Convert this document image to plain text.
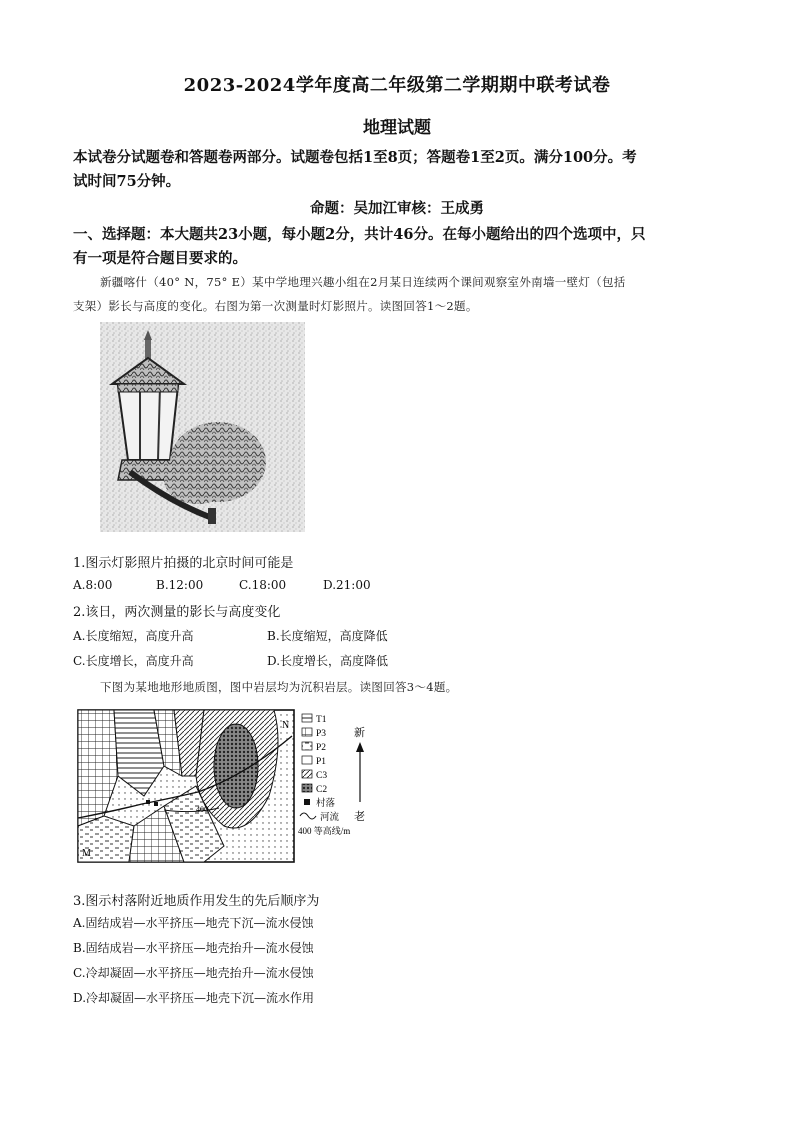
2023-2024学年度高二年级第二学期期中联考试卷
地理试题
本试卷分试题卷和答题卷两部分。试题卷包括1至8页；答题卷1至2页。满分100分。考
试时间75分钟。
命题：吴加江审核：王成勇
一、选择题：本大题共23小题，每小题2分，共计46分。在每小题给出的四个选项中，只
有一项是符合题目要求的。
新疆喀什（40° N，75° E）某中学地理兴趣小组在2月某日连续两个课间观察室外南墙一壁灯（包括
支架）影长与高度的变化。右图为第一次测量时灯影照片。读图回答1～2题。
1.图示灯影照片拍摄的北京时间可能是
A.8:00	B.12:00	C.18:00	D.21:00
2.该日，两次测量的影长与高度变化
A.长度缩短，高度升高	B.长度缩短，高度降低
C.长度增长，高度升高	D.长度增长，高度降低
下图为某地地形地质图，图中岩层均为沉积岩层。读图回答3～4题。
N
M
400
T1
P3
P2
P1
C3
C2
村落
河流
400 等高线/m
新
老
3.图示村落附近地质作用发生的先后顺序为
A.固结成岩—水平挤压—地壳下沉—流水侵蚀
B.固结成岩—水平挤压—地壳抬升—流水侵蚀
C.冷却凝固—水平挤压—地壳抬升—流水侵蚀
D.冷却凝固—水平挤压—地壳下沉—流水作用
